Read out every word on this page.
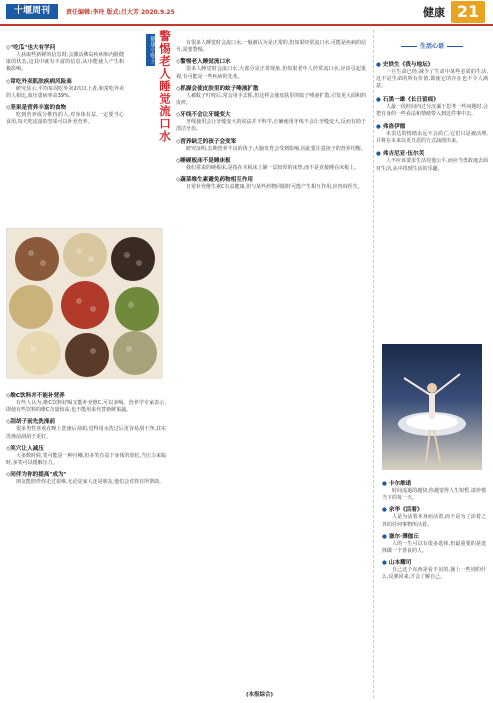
十堰周刊	责任编辑:李玲 版式:吕大芳 2020.9.25	健康 21
健康小贴士 警惕老人睡觉流口水
◇"吃瓜"也大有学问

人获取些新鲜的信息时,会激活胰岛疾病和内脏健康的状态,这其中就有丰富的信息,从中能使人产生积极影响。

◇常吃外卖肌肤疾病风险高

研究显示,平均每周吃外卖2次以上者,和常吃外卖的人相比,血压患病率高39%。

◇坚果是营养丰富的食物

吃到营养成分维持的人,对身体有益,一定要当心食用,每天吃适量的坚果可以补充营养。

◇维C饮料并不能补营养

有些人认为,维C饮料好喝又能补充维C,可以多喝。营养学专家表示,即使有些饮料的维C含量较高,也不能用来代替新鲜果蔬。

◇刮胡子前先洗澡前

很多男性喜欢在晚上洗澡后刮胡,觉得用水洗过后更容易刮干净,其实洗澡前刮胡子更好。

◇笑穴让人减压

大多数时候,笑可能是一种自嘲,但多笑有益于身体的放松,当压力来临时,多笑可以缓解压力。

◇同伴为你的提高"成为"

朋友能陪伴你走过艰难,无论是家人还是朋友,他们会对你有所帮助。

有很多人睡觉时会流口水,一般被认为是正常的,但如果经常流口水,可能是疾病的信号,需要警惕。

◇警惕老人睡觉流口水

很多人睡觉时会流口水,大部分是正常现象,但如果老年人经常流口水,应该引起重视,有可能是一些疾病的先兆。

◇抓握会使皮肤里的蚊子唾液扩散

人被蚊子叮咬后,常会用手去抓,但这样会使皮肤里的蚊子唾液扩散,引发更大面积的皮疹。

◇牙线不会让牙缝变大

牙线使用会让牙缝变大的说法并不科学,正确使用牙线不会让牙缝变大,反而有助于清洁牙齿。

◇营养缺乏的孩子会变笨

研究证明,长期营养不良的孩子,大脑发育会受到影响,因此要注意孩子的营养均衡。

◇睡硬板床不是睡床板

我们常说的硬板床,是指在木板床上铺一层较厚的床垫,而不是直接睡在床板上。

◇蔬菜维生素避免药物相互作用

日常补充维生素C有益健康,但与某些药物同服时可能产生相互作用,应咨询医生。

(本报综合)
生活心语
● 史铁生《我与地坛》

一旦生命已经,减少了生命中某些必需的生活,这不是生命的所有价值,即使它的存在也不令人满意。

● 石黑一雄《长日留痕》

人最一段时间内过分沉湎于思考一些问题时,会把自身的一些看法和情绪带入到这件事中去。

● 弗洛伊德

未表达的情绪永远不会消亡,它们只是被活埋,并将在未来以更丑恶的方式涌现出来。

● 弗吉尼亚·伍尔芙

人不应该要求生活对他公平,而应当勇敢地去面对生活,从中找到生活的乐趣。

● 卡尔维诺

时间流逝的越快,你越觉得人生短暂,请珍惜当下的每一天。

● 余华《活着》

人是为活着本身而活着,而不是为了活着之外的任何事物所活着。

● 塞尔·薄伽丘

人的一生可以有很多选择,但最重要的是选择做一个善良的人。

● 山本耀司

自己这个东西是看不见的,撞上一些别的什么,反弹回来,才会了解自己。
